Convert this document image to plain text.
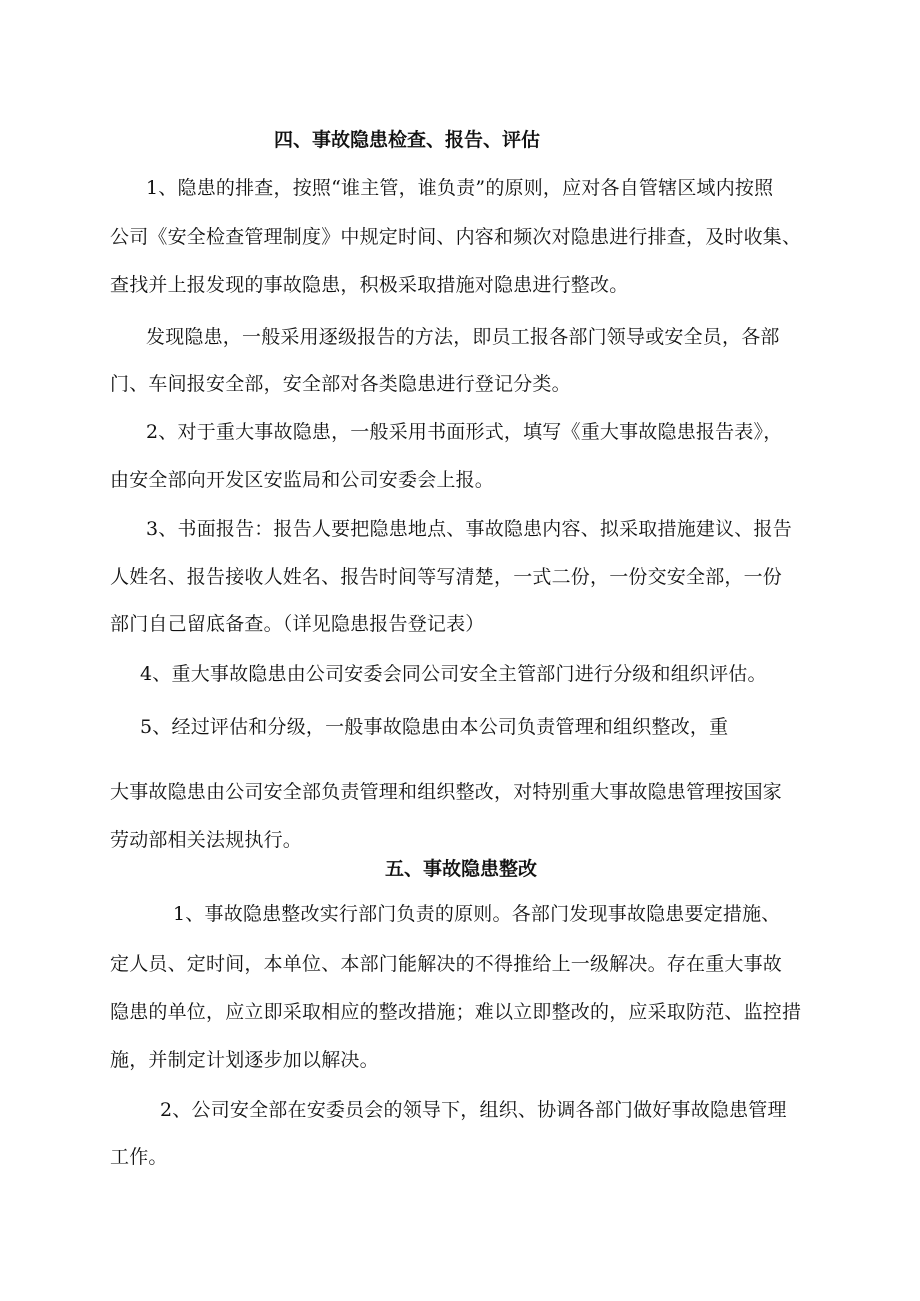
四、事故隐患检查、报告、评估
1、隐患的排查，按照“谁主管，谁负责”的原则，应对各自管辖区域内按照
公司《安全检查管理制度》中规定时间、内容和频次对隐患进行排查，及时收集、
查找并上报发现的事故隐患，积极采取措施对隐患进行整改。
发现隐患，一般采用逐级报告的方法，即员工报各部门领导或安全员，各部
门、车间报安全部，安全部对各类隐患进行登记分类。
2、对于重大事故隐患，一般采用书面形式，填写《重大事故隐患报告表》，
由安全部向开发区安监局和公司安委会上报。
3、书面报告：报告人要把隐患地点、事故隐患内容、拟采取措施建议、报告
人姓名、报告接收人姓名、报告时间等写清楚，一式二份，一份交安全部，一份
部门自己留底备查。（详见隐患报告登记表）
4、重大事故隐患由公司安委会同公司安全主管部门进行分级和组织评估。
5、经过评估和分级，一般事故隐患由本公司负责管理和组织整改，重
大事故隐患由公司安全部负责管理和组织整改，对特别重大事故隐患管理按国家
劳动部相关法规执行。
五、事故隐患整改
1、事故隐患整改实行部门负责的原则。各部门发现事故隐患要定措施、
定人员、定时间，本单位、本部门能解决的不得推给上一级解决。存在重大事故
隐患的单位，应立即采取相应的整改措施；难以立即整改的，应采取防范、监控措
施，并制定计划逐步加以解决。
2、公司安全部在安委员会的领导下，组织、协调各部门做好事故隐患管理
工作。
